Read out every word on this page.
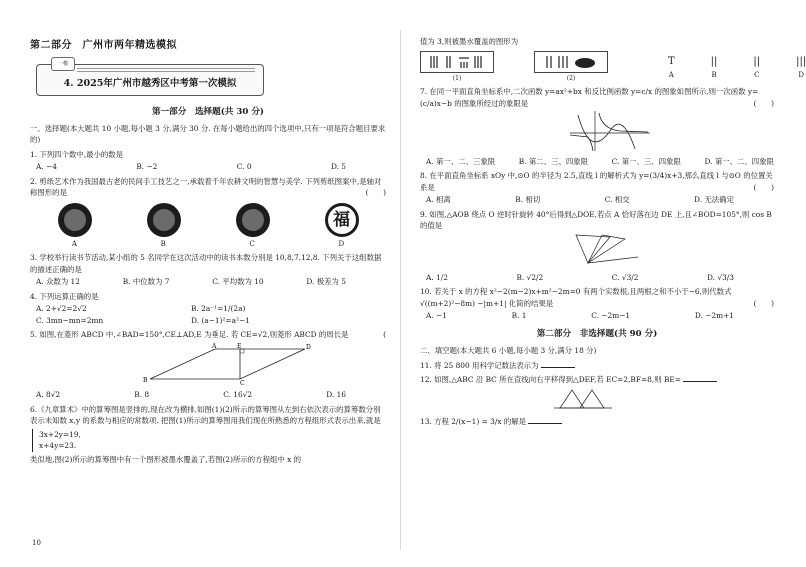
第二部分　广州市两年精选模拟
一模
4. 2025年广州市越秀区中考第一次模拟
第一部分　选择题(共 30 分)
一、选择题(本大题共 10 小题,每小题 3 分,满分 30 分. 在每小题给出的四个选项中,只有一项是符合题目要求的)
1. 下列四个数中,最小的数是
A. −4	B. −2	C. 0	D. 5
2. 剪纸艺术作为我国最古老的民间手工技艺之一,承载着千年农耕文明的智慧与美学. 下列剪纸图案中,是轴对称图形的是	(　　)
福
A	B	C	D
3. 学校举行读书节活动,某小组的 5 名同学在这次活动中的读书本数分别是 10,8,7,12,8. 下列关于这组数据的描述正确的是
A. 众数为 12	B. 中位数为 7	C. 平均数为 10	D. 极差为 5
4. 下列运算正确的是
A. 2+√2=2√2	B. 2a⁻¹=1/(2a)
C. 3mn−mn=2mn	D. (a−1)²=a²−1
5. 如图,在菱形 ABCD 中,∠BAD=150°,CE⊥AD,E 为垂足. 若 CE=√2,则菱形 ABCD 的周长是	(
A	E	D
B	C
A. 8√2	B. 8	C. 16√2	D. 16
6.《九章算术》中的算筹图是竖排的,现在改为横排,如图(1)(2)所示的算筹图从左到右依次表示的算筹数分别表示未知数 x,y 的系数与相应的常数项. 把图(1)所示的算筹图用我们现在所熟悉的方程组形式表示出来,就是
3x+2y=19,
x+4y=23.
类似地,图(2)所示的算筹图中有一个图形被墨水覆盖了,若图(2)所示的方程组中 x 的
值为 3,则被墨水覆盖的图形为
(1)	(2)
T
A
||
B
||
C
|||
D
7. 在同一平面直角坐标系中,二次函数 y=ax²+bx 和反比例函数 y=c/x 的图象如图所示,则一次函数 y=(c/a)x−b 的图象所经过的象限是	(　　)
A. 第一、二、三象限	B. 第二、三、四象限	C. 第一、三、四象限	D. 第一、二、四象限
8. 在平面直角坐标系 xOy 中,⊙O 的半径为 2.5,直线 l 的解析式为 y=(3/4)x+3,那么直线 l 与⊙O 的位置关系是	(　　)
A. 相离	B. 相切	C. 相交	D. 无法确定
9. 如图,△AOB 绕点 O 逆时针旋转 40°后得到△DOE,若点 A 恰好落在边 DE 上,且∠BOD=105°,则 cos B 的值是
A. 1/2	B. √2/2	C. √3/2	D. √3/3
10. 若关于 x 的方程 x²−2(m−2)x+m²−2m=0 有两个实数根,且两根之和不小于−6,则代数式 √((m+2)²−8m) −|m+1| 化简的结果是	(　　)
A. −1	B. 1	C. −2m−1	D. −2m+1
第二部分　非选择题(共 90 分)
二、填空题(本大题共 6 小题,每小题 3 分,满分 18 分)
11. 将 25 800 用科学记数法表示为
12. 如图,△ABC 沿 BC 所在直线向右平移得到△DEF,若 EC=2,BF=8,则 BE=
13. 方程 2/(x−1) = 3/x 的解是
10
